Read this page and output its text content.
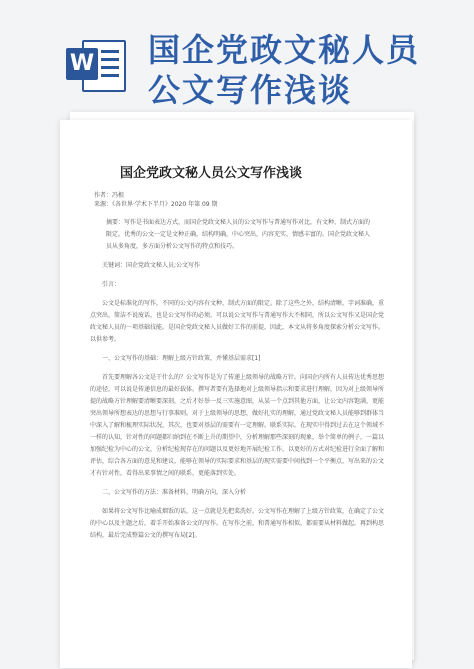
W 国企党政文秘人员
公文写作浅谈
国企党政文秘人员公文写作浅谈
作者：冯根
来源：《各世界·学术下半月》2020 年第 09 期

摘要：写作是书面表达方式，而国企党政文秘人员的公文写作与普通写作对比，有文种、制式方面的限定。优秀的公文一定是文种正确，结构明确，中心突出，内容充实，情感丰富的。国企党政文秘人员从多角度，多方面分析公文写作的特点和技巧。

关键词：国企党政文秘人员;公文写作

引言：

公文是标准化的写作，不同的公文内容有文种、制式方面的限定。除了这些之外，结构清晰，字词准确，重点突出，简洁不说废话，也是公文写作的必须。可以说公文写作与普通写作大不相同，所以公文写作又是国企党政文秘人员的一项基础技能。是国企党政文秘人员做好工作的前提，因此，本文从将多角度探索分析公文写作。以供参考。

一、公文写作的基础：理解上级方针政策，并懂基层需求[1]

首先要理解各公文是干什么的？公文写作是为了传递上级领导的战略方针。向国企内所有人员传达优秀思想的途径，可以说是传递信息的最好载体。撰写者要有选择地对上级领导指示和要求进行理解，因为对上级领导所提的战略方针理解要清晰要深刻，之后才好举一反三实施意图，从某一个点到其他方面，让公文内容饱满，更能突出领导所想表达的思想与行事准则。对于上级领导的思想，做好扎实的理解，通过党政文秘人员能够到群体当中深入了解和梳理实际状况，其次，也要对基层的需要有一定理解。联系实际，在现实中得到过去在这个领域不一样的认知，针对性的问题都归纳到在不断上升的期望中，分析理解那些深刻的现象，举个简单的例子，一篇以加强纪检为中心的公文，分析纪检现存在的问题以及更好地开展纪检工作，以更好的方式对纪检进行全面了解和评估，综合各方面的意见和建议，能够在领导的实际要求和基层的现实需要中间找到一个平衡点，写出来的公文才有针对性，看得出来事情之间的联系，更能落到实处。

二、公文写作的方法：准备材料，明确方向，深入分析

如果将公文写作比喻成烟饭的话，这一点就是先把菜洗好。公文写作在理解了上级方针政策，在确定了公文的中心以及主题之后，着手开始准备公文的写作。在写作之前，和普通写作相似，都需要从材料做起，再到构思结构，最后完成整篇公文的撰写布局[2]。
